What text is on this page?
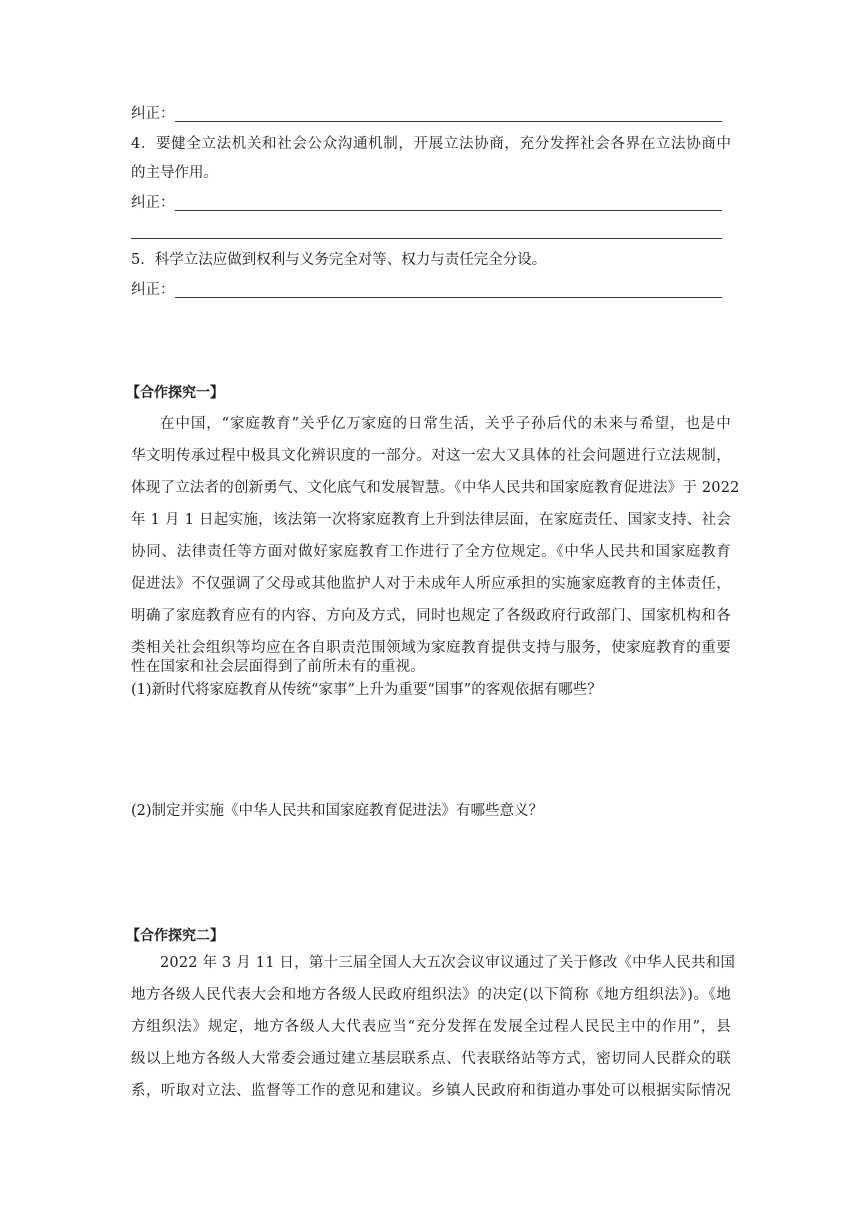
纠正：
4．要健全立法机关和社会公众沟通机制，开展立法协商，充分发挥社会各界在立法协商中
的主导作用。
纠正：
5．科学立法应做到权利与义务完全对等、权力与责任完全分设。
纠正：
【合作探究一】
在中国，“家庭教育”关乎亿万家庭的日常生活，关乎子孙后代的未来与希望，也是中
华文明传承过程中极具文化辨识度的一部分。对这一宏大又具体的社会问题进行立法规制，
体现了立法者的创新勇气、文化底气和发展智慧。《中华人民共和国家庭教育促进法》于 2022
年 1 月 1 日起实施，该法第一次将家庭教育上升到法律层面，在家庭责任、国家支持、社会
协同、法律责任等方面对做好家庭教育工作进行了全方位规定。《中华人民共和国家庭教育
促进法》不仅强调了父母或其他监护人对于未成年人所应承担的实施家庭教育的主体责任，
明确了家庭教育应有的内容、方向及方式，同时也规定了各级政府行政部门、国家机构和各
类相关社会组织等均应在各自职责范围领域为家庭教育提供支持与服务，使家庭教育的重要
性在国家和社会层面得到了前所未有的重视。
(1)新时代将家庭教育从传统“家事”上升为重要“国事”的客观依据有哪些？
(2)制定并实施《中华人民共和国家庭教育促进法》有哪些意义？
【合作探究二】
2022 年 3 月 11 日，第十三届全国人大五次会议审议通过了关于修改《中华人民共和国
地方各级人民代表大会和地方各级人民政府组织法》的决定(以下简称《地方组织法》)。《地
方组织法》规定，地方各级人大代表应当“充分发挥在发展全过程人民民主中的作用”，县
级以上地方各级人大常委会通过建立基层联系点、代表联络站等方式，密切同人民群众的联
系，听取对立法、监督等工作的意见和建议。乡镇人民政府和街道办事处可以根据实际情况
